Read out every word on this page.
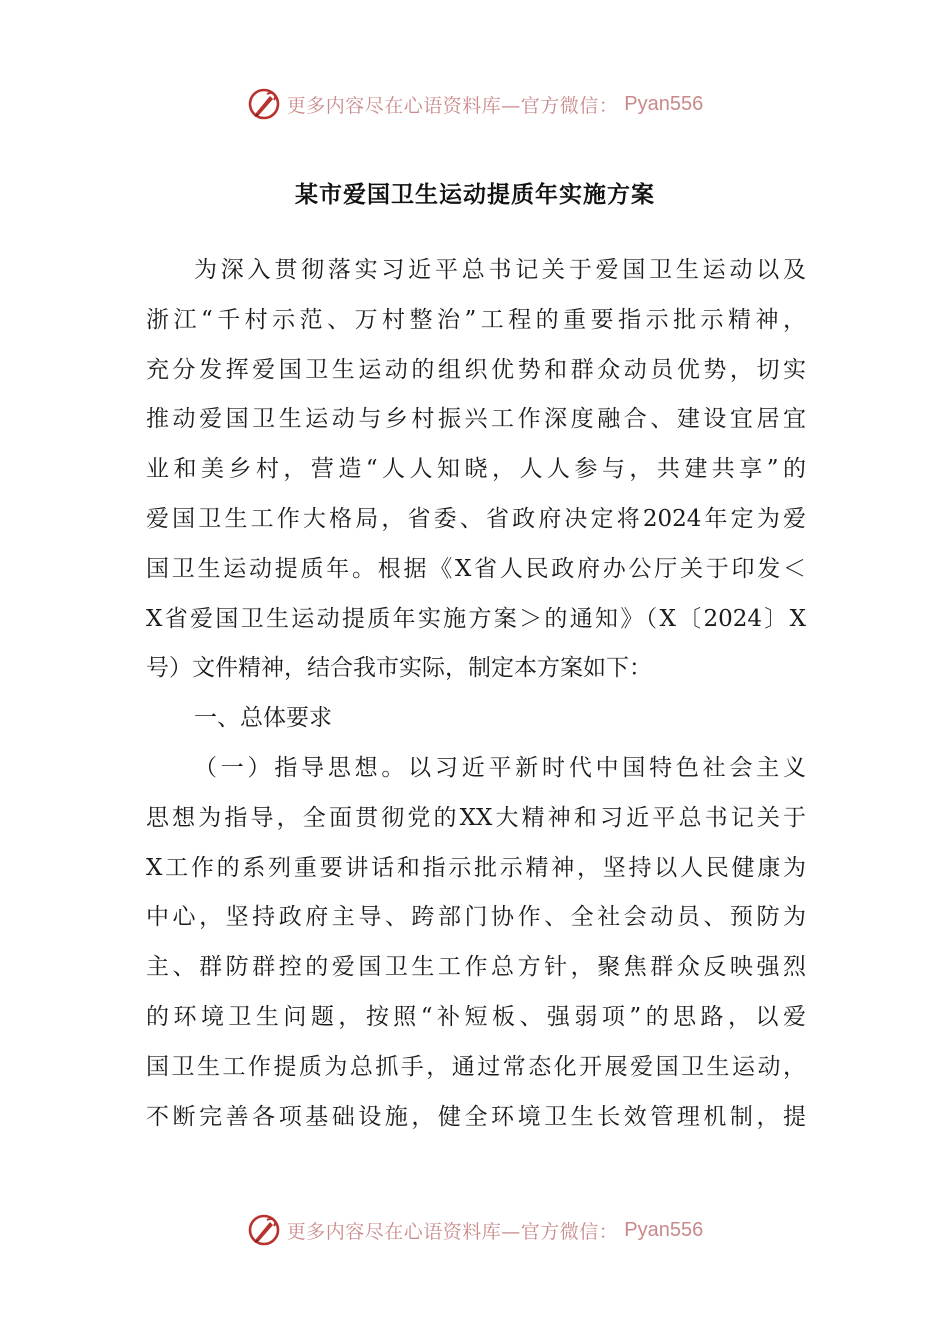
更多内容尽在心语资料库—官方微信： Pyan556
某市爱国卫生运动提质年实施方案
为深入贯彻落实习近平总书记关于爱国卫生运动以及
浙江“千村示范、万村整治”工程的重要指示批示精神，
充分发挥爱国卫生运动的组织优势和群众动员优势，切实
推动爱国卫生运动与乡村振兴工作深度融合、建设宜居宜
业和美乡村，营造“人人知晓，人人参与，共建共享”的
爱国卫生工作大格局，省委、省政府决定将2024年定为爱
国卫生运动提质年。根据《X省人民政府办公厅关于印发＜
X省爱国卫生运动提质年实施方案＞的通知》（X〔2024〕X
号）文件精神，结合我市实际，制定本方案如下：
一、总体要求
（一）指导思想。以习近平新时代中国特色社会主义
思想为指导，全面贯彻党的XX大精神和习近平总书记关于
X工作的系列重要讲话和指示批示精神，坚持以人民健康为
中心，坚持政府主导、跨部门协作、全社会动员、预防为
主、群防群控的爱国卫生工作总方针，聚焦群众反映强烈
的环境卫生问题，按照“补短板、强弱项”的思路，以爱
国卫生工作提质为总抓手，通过常态化开展爱国卫生运动，
不断完善各项基础设施，健全环境卫生长效管理机制，提
更多内容尽在心语资料库—官方微信： Pyan556
